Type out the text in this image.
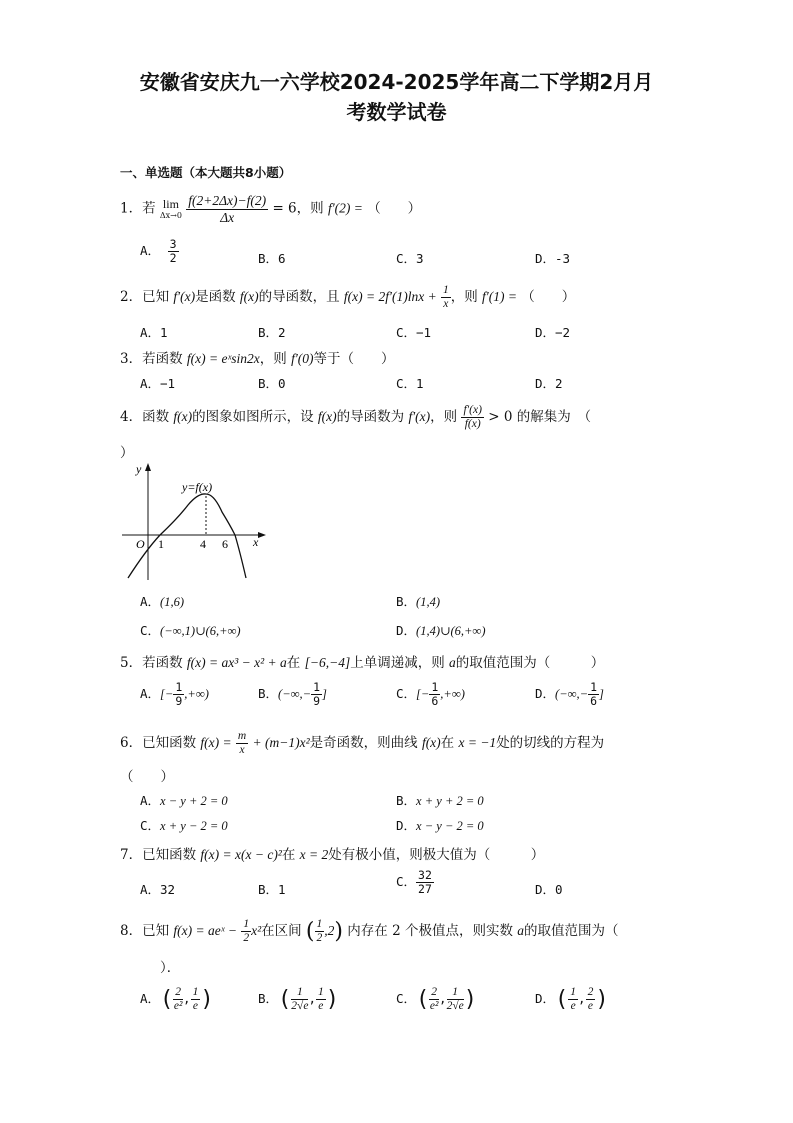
安徽省安庆九一六学校2024-2025学年高二下学期2月月
考数学试卷
一、单选题（本大题共8小题）
1．若 lim
Δx→0
$\frac{f(2+2\Delta x)-f(2)}{\Delta x} = 6$，则 f′(2) = （　　）
A． $\frac{3}{2}$	B．6	C．3	D．-3
2．已知 f′(x)是函数 f(x)的导函数，且 $f(x) = 2f'(1)\ln x + \frac{1}{x}$ ，则 f′(1) = （　　）
A．1	B．2	C．−1	D．−2
3．若函数 f(x) = eˣsin2x，则 f′(0)等于（　　）
A．−1	B．0	C．1	D．2
4．函数 f(x)的图象如图所示，设 f(x)的导函数为 f′(x)，则 $\frac{f'(x)}{f(x)} > 0$ 的解集为　（
）
y
x
O
y=f(x)
1	4 6
A．(1,6)	B．(1,4)
C．(−∞,1)∪(6,+∞)	D．(1,4)∪(6,+∞)
5．若函数 f(x) = ax³ − x² + a在 [−6,−4]上单调递减，则 a的取值范围为（　　　）
A．[− $\frac{1}{9}$ ,+∞)	B．(−∞,− $\frac{1}{9}$ ]	C．[− $\frac{1}{6}$ ,+∞)	D．(−∞,− $\frac{1}{6}$ ]
6．已知函数 $f(x) = \frac{m}{x} + (m-1)x^2$是奇函数，则曲线 f(x)在 x = −1处的切线的方程为
（　　）
A．x − y + 2 = 0	B．x + y + 2 = 0
C．x + y − 2 = 0	D．x − y − 2 = 0
7．已知函数 f(x) = x(x − c)²在 x = 2处有极小值，则极大值为（　　　）
A．32	B．1
C． $\frac{32}{27}$	D．0
8．已知 f(x) = aeˣ − $\frac{1}{2} x^2$在区间 ( $\frac{1}{2} ,2$) 内存在 2 个极值点，则实数 a的取值范围为（
）．
A．( $\frac{2}{\text{e²}}$ , $\frac{1}{e}$ )	B．( $\frac{1}{2√e}$ , $\frac{1}{e}$ )	C．( $\frac{2}{\text{e²}}$ , $\frac{1}{2√e}$ )	D．( $\frac{1}{e}$ , $\frac{2}{e}$ )
